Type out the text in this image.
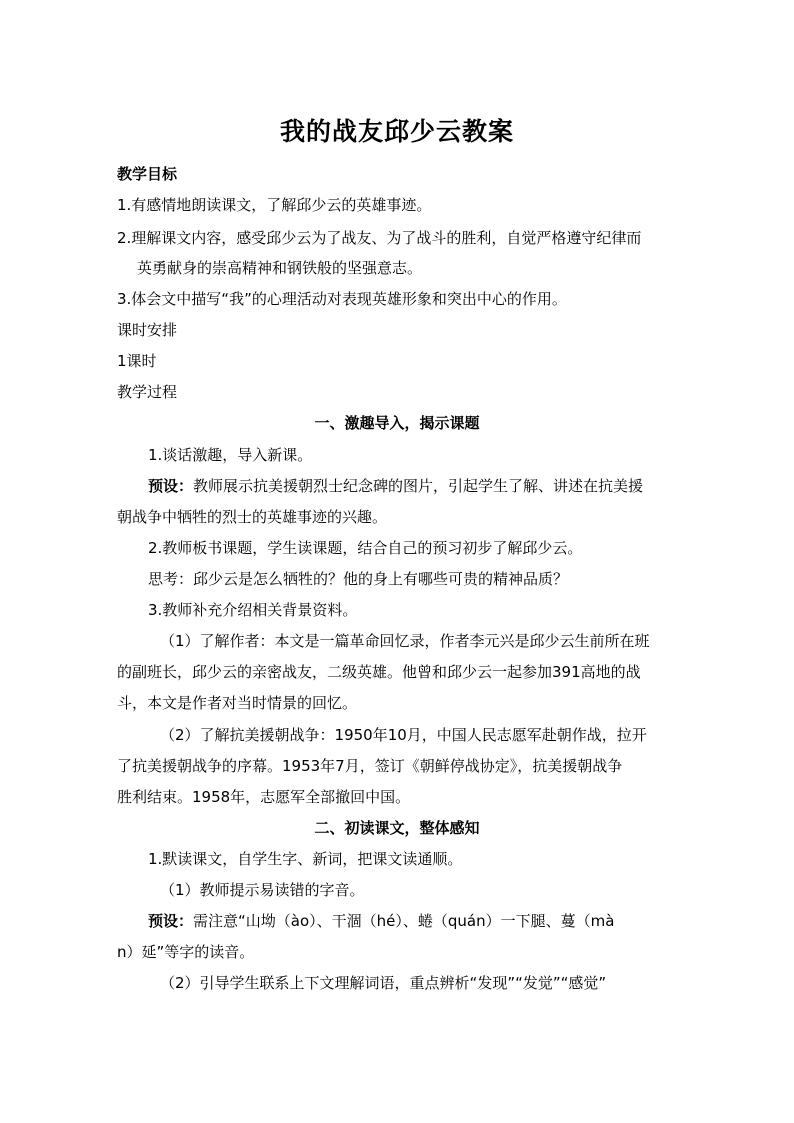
我的战友邱少云教案
教学目标
1.有感情地朗读课文，了解邱少云的英雄事迹。
2.理解课文内容，感受邱少云为了战友、为了战斗的胜利，自觉严格遵守纪律而
英勇献身的崇高精神和钢铁般的坚强意志。
3.体会文中描写“我”的心理活动对表现英雄形象和突出中心的作用。
课时安排
1课时
教学过程
一、激趣导入，揭示课题
1.谈话激趣，导入新课。
预设：教师展示抗美援朝烈士纪念碑的图片，引起学生了解、讲述在抗美援
朝战争中牺牲的烈士的英雄事迹的兴趣。
2.教师板书课题，学生读课题，结合自己的预习初步了解邱少云。
思考：邱少云是怎么牺牲的？他的身上有哪些可贵的精神品质？
3.教师补充介绍相关背景资料。
（1）了解作者：本文是一篇革命回忆录，作者李元兴是邱少云生前所在班
的副班长，邱少云的亲密战友，二级英雄。他曾和邱少云一起参加391高地的战
斗，本文是作者对当时情景的回忆。
（2）了解抗美援朝战争：1950年10月，中国人民志愿军赴朝作战，拉开
了抗美援朝战争的序幕。1953年7月，签订《朝鲜停战协定》，抗美援朝战争
胜利结束。1958年，志愿军全部撤回中国。
二、初读课文，整体感知
1.默读课文，自学生字、新词，把课文读通顺。
（1）教师提示易读错的字音。
预设：需注意“山坳（ào）、干涸（hé）、蜷（quán）一下腿、蔓（mà
n）延”等字的读音。
（2）引导学生联系上下文理解词语，重点辨析“发现”“发觉”“感觉”
